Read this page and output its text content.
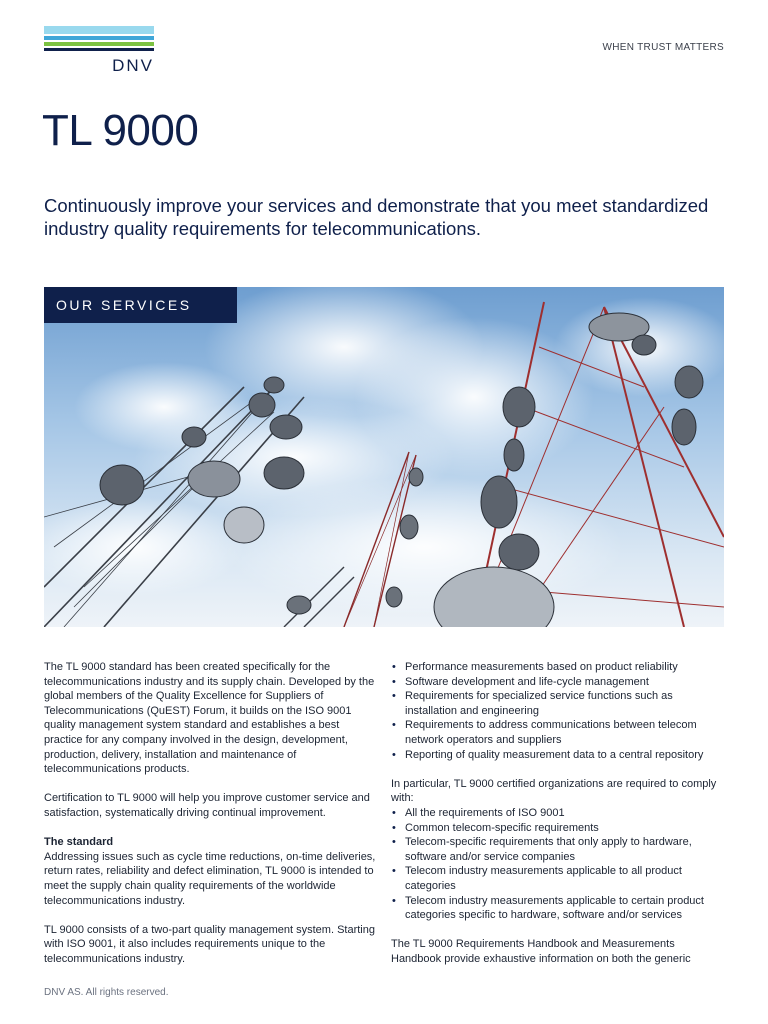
DNV
WHEN TRUST MATTERS
TL 9000

Continuously improve your services and demonstrate that you meet standardized industry quality requirements for telecommunications.

OUR SERVICES

The TL 9000 standard has been created specifically for the telecommunications industry and its supply chain. Developed by the global members of the Quality Excellence for Suppliers of Telecommunications (QuEST) Forum, it builds on the ISO 9001 quality management system standard and establishes a best practice for any company involved in the design, development, production, delivery, installation and maintenance of telecommunications products.

Certification to TL 9000 will help you improve customer service and satisfaction, systematically driving continual improvement.

The standard

Addressing issues such as cycle time reductions, on-time deliveries, return rates, reliability and defect elimination, TL 9000 is intended to meet the supply chain quality requirements of the worldwide telecommunications industry.

TL 9000 consists of a two-part quality management system. Starting with ISO 9001, it also includes requirements unique to the telecommunications industry.

• Performance measurements based on product reliability
• Software development and life-cycle management
• Requirements for specialized service functions such as installation and engineering
• Requirements to address communications between telecom network operators and suppliers
• Reporting of quality measurement data to a central repository

In particular, TL 9000 certified organizations are required to comply with:

• All the requirements of ISO 9001
• Common telecom-specific requirements
• Telecom-specific requirements that only apply to hardware, software and/or service companies
• Telecom industry measurements applicable to all product categories
• Telecom industry measurements applicable to certain product categories specific to hardware, software and/or services

The TL 9000 Requirements Handbook and Measurements Handbook provide exhaustive information on both the generic

DNV AS. All rights reserved.
